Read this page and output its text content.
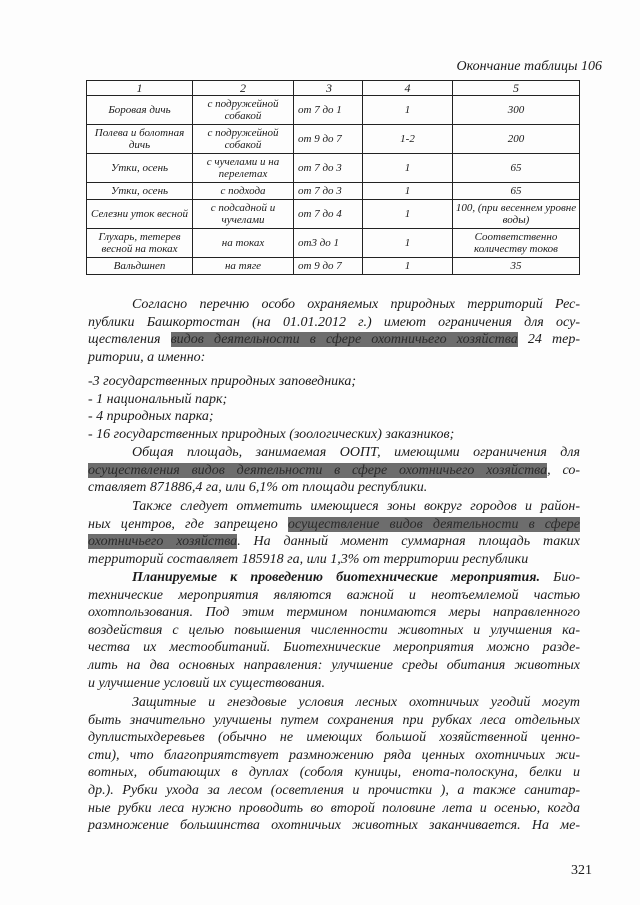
Окончание таблицы 106
1	2	3	4	5
Боровая дичь	с подружейной собакой	от 7 до 1	1	300
Полева и болотная дичь	с подружейной собакой	от 9 до 7	1-2	200
Утки, осень	с чучелами и на перелетах	от 7 до 3	1	65
Утки, осень	с подхода	от 7 до 3	1	65
Селезни уток весной	с подсадной и чучелами	от 7 до 4	1	100, (при весеннем уровне воды)
Глухарь, тетерев весной на токах	на токах	от3 до 1	1	Соответственно количеству токов
Вальдшнеп	на тяге	от 9 до 7	1	35
Согласно перечню особо охраняемых природных территорий Рес-
публики Башкортостан (на 01.01.2012 г.) имеют ограничения для осу-
ществления видов деятельности в сфере охотничьего хозяйства 24 тер-
ритории, а именно:
-3 государственных природных заповедника;
- 1 национальный парк;
- 4 природных парка;
- 16 государственных природных (зоологических) заказников;
Общая площадь, занимаемая ООПТ, имеющими ограничения для
осуществления видов деятельности в сфере охотничьего хозяйства, со-
ставляет 871886,4 га, или 6,1% от площади республики.
Также следует отметить имеющиеся зоны вокруг городов и район-
ных центров, где запрещено осуществление видов деятельности в сфере
охотничьего хозяйства. На данный момент суммарная площадь таких
территорий составляет 185918 га, или 1,3% от территории республики
Планируемые к проведению биотехнические мероприятия. Био-
технические мероприятия являются важной и неотъемлемой частью
охотпользования. Под этим термином понимаются меры направленного
воздействия с целью повышения численности животных и улучшения ка-
чества их местообитаний. Биотехнические мероприятия можно разде-
лить на два основных направления: улучшение среды обитания животных
и улучшение условий их существования.
Защитные и гнездовые условия лесных охотничьих угодий могут
быть значительно улучшены путем сохранения при рубках леса отдельных
дуплистыхдеревьев (обычно не имеющих большой хозяйственной ценно-
сти), что благоприятствует размножению ряда ценных охотничьих жи-
вотных, обитающих в дуплах (соболя куницы, енота-полоскуна, белки и
др.). Рубки ухода за лесом (осветления и прочистки ), а также санитар-
ные рубки леса нужно проводить во второй половине лета и осенью, когда
размножение большинства охотничьих животных заканчивается. На ме-
321
